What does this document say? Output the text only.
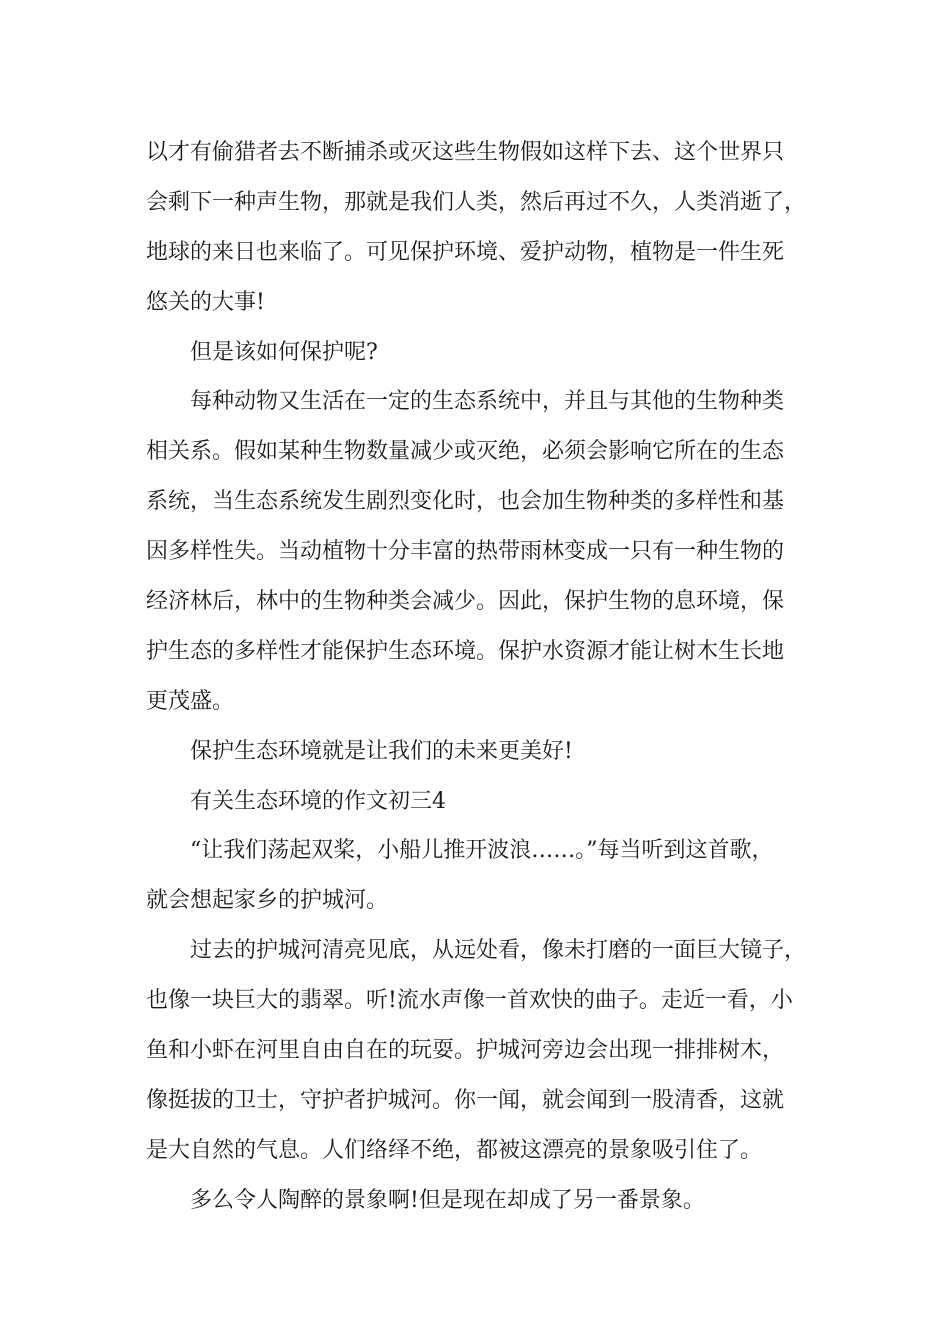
以才有偷猎者去不断捕杀或灭这些生物假如这样下去、这个世界只
会剩下一种声生物，那就是我们人类，然后再过不久，人类消逝了，
地球的来日也来临了。可见保护环境、爱护动物，植物是一件生死
悠关的大事!
但是该如何保护呢?
每种动物又生活在一定的生态系统中，并且与其他的生物种类
相关系。假如某种生物数量减少或灭绝，必须会影响它所在的生态
系统，当生态系统发生剧烈变化时，也会加生物种类的多样性和基
因多样性失。当动植物十分丰富的热带雨林变成一只有一种生物的
经济林后，林中的生物种类会减少。因此，保护生物的息环境，保
护生态的多样性才能保护生态环境。保护水资源才能让树木生长地
更茂盛。
保护生态环境就是让我们的未来更美好!
有关生态环境的作文初三4
“让我们荡起双桨，小船儿推开波浪……。”每当听到这首歌，
就会想起家乡的护城河。
过去的护城河清亮见底，从远处看，像未打磨的一面巨大镜子，
也像一块巨大的翡翠。听!流水声像一首欢快的曲子。走近一看，小
鱼和小虾在河里自由自在的玩耍。护城河旁边会出现一排排树木，
像挺拔的卫士，守护者护城河。你一闻，就会闻到一股清香，这就
是大自然的气息。人们络绎不绝，都被这漂亮的景象吸引住了。
多么令人陶醉的景象啊!但是现在却成了另一番景象。
